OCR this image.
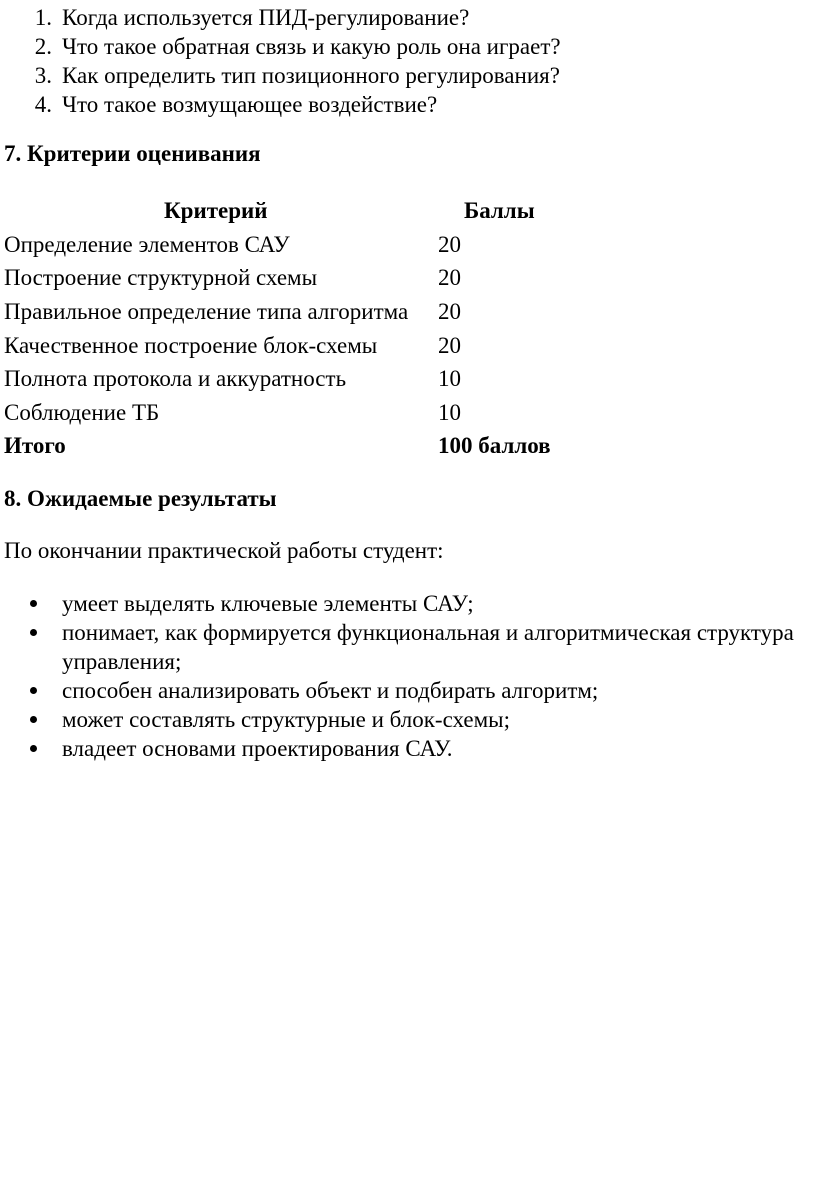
1. Когда используется ПИД-регулирование?
2. Что такое обратная связь и какую роль она играет?
3. Как определить тип позиционного регулирования?
4. Что такое возмущающее воздействие?
7. Критерии оценивания
Критерий	Баллы
Определение элементов САУ	20
Построение структурной схемы	20
Правильное определение типа алгоритма	20
Качественное построение блок-схемы	20
Полнота протокола и аккуратность	10
Соблюдение ТБ	10
Итого	100 баллов
8. Ожидаемые результаты

По окончании практической работы студент:

умеет выделять ключевые элементы САУ;
понимает, как формируется функциональная и алгоритмическая структура управления;
способен анализировать объект и подбирать алгоритм;
может составлять структурные и блок-схемы;
владеет основами проектирования САУ.
